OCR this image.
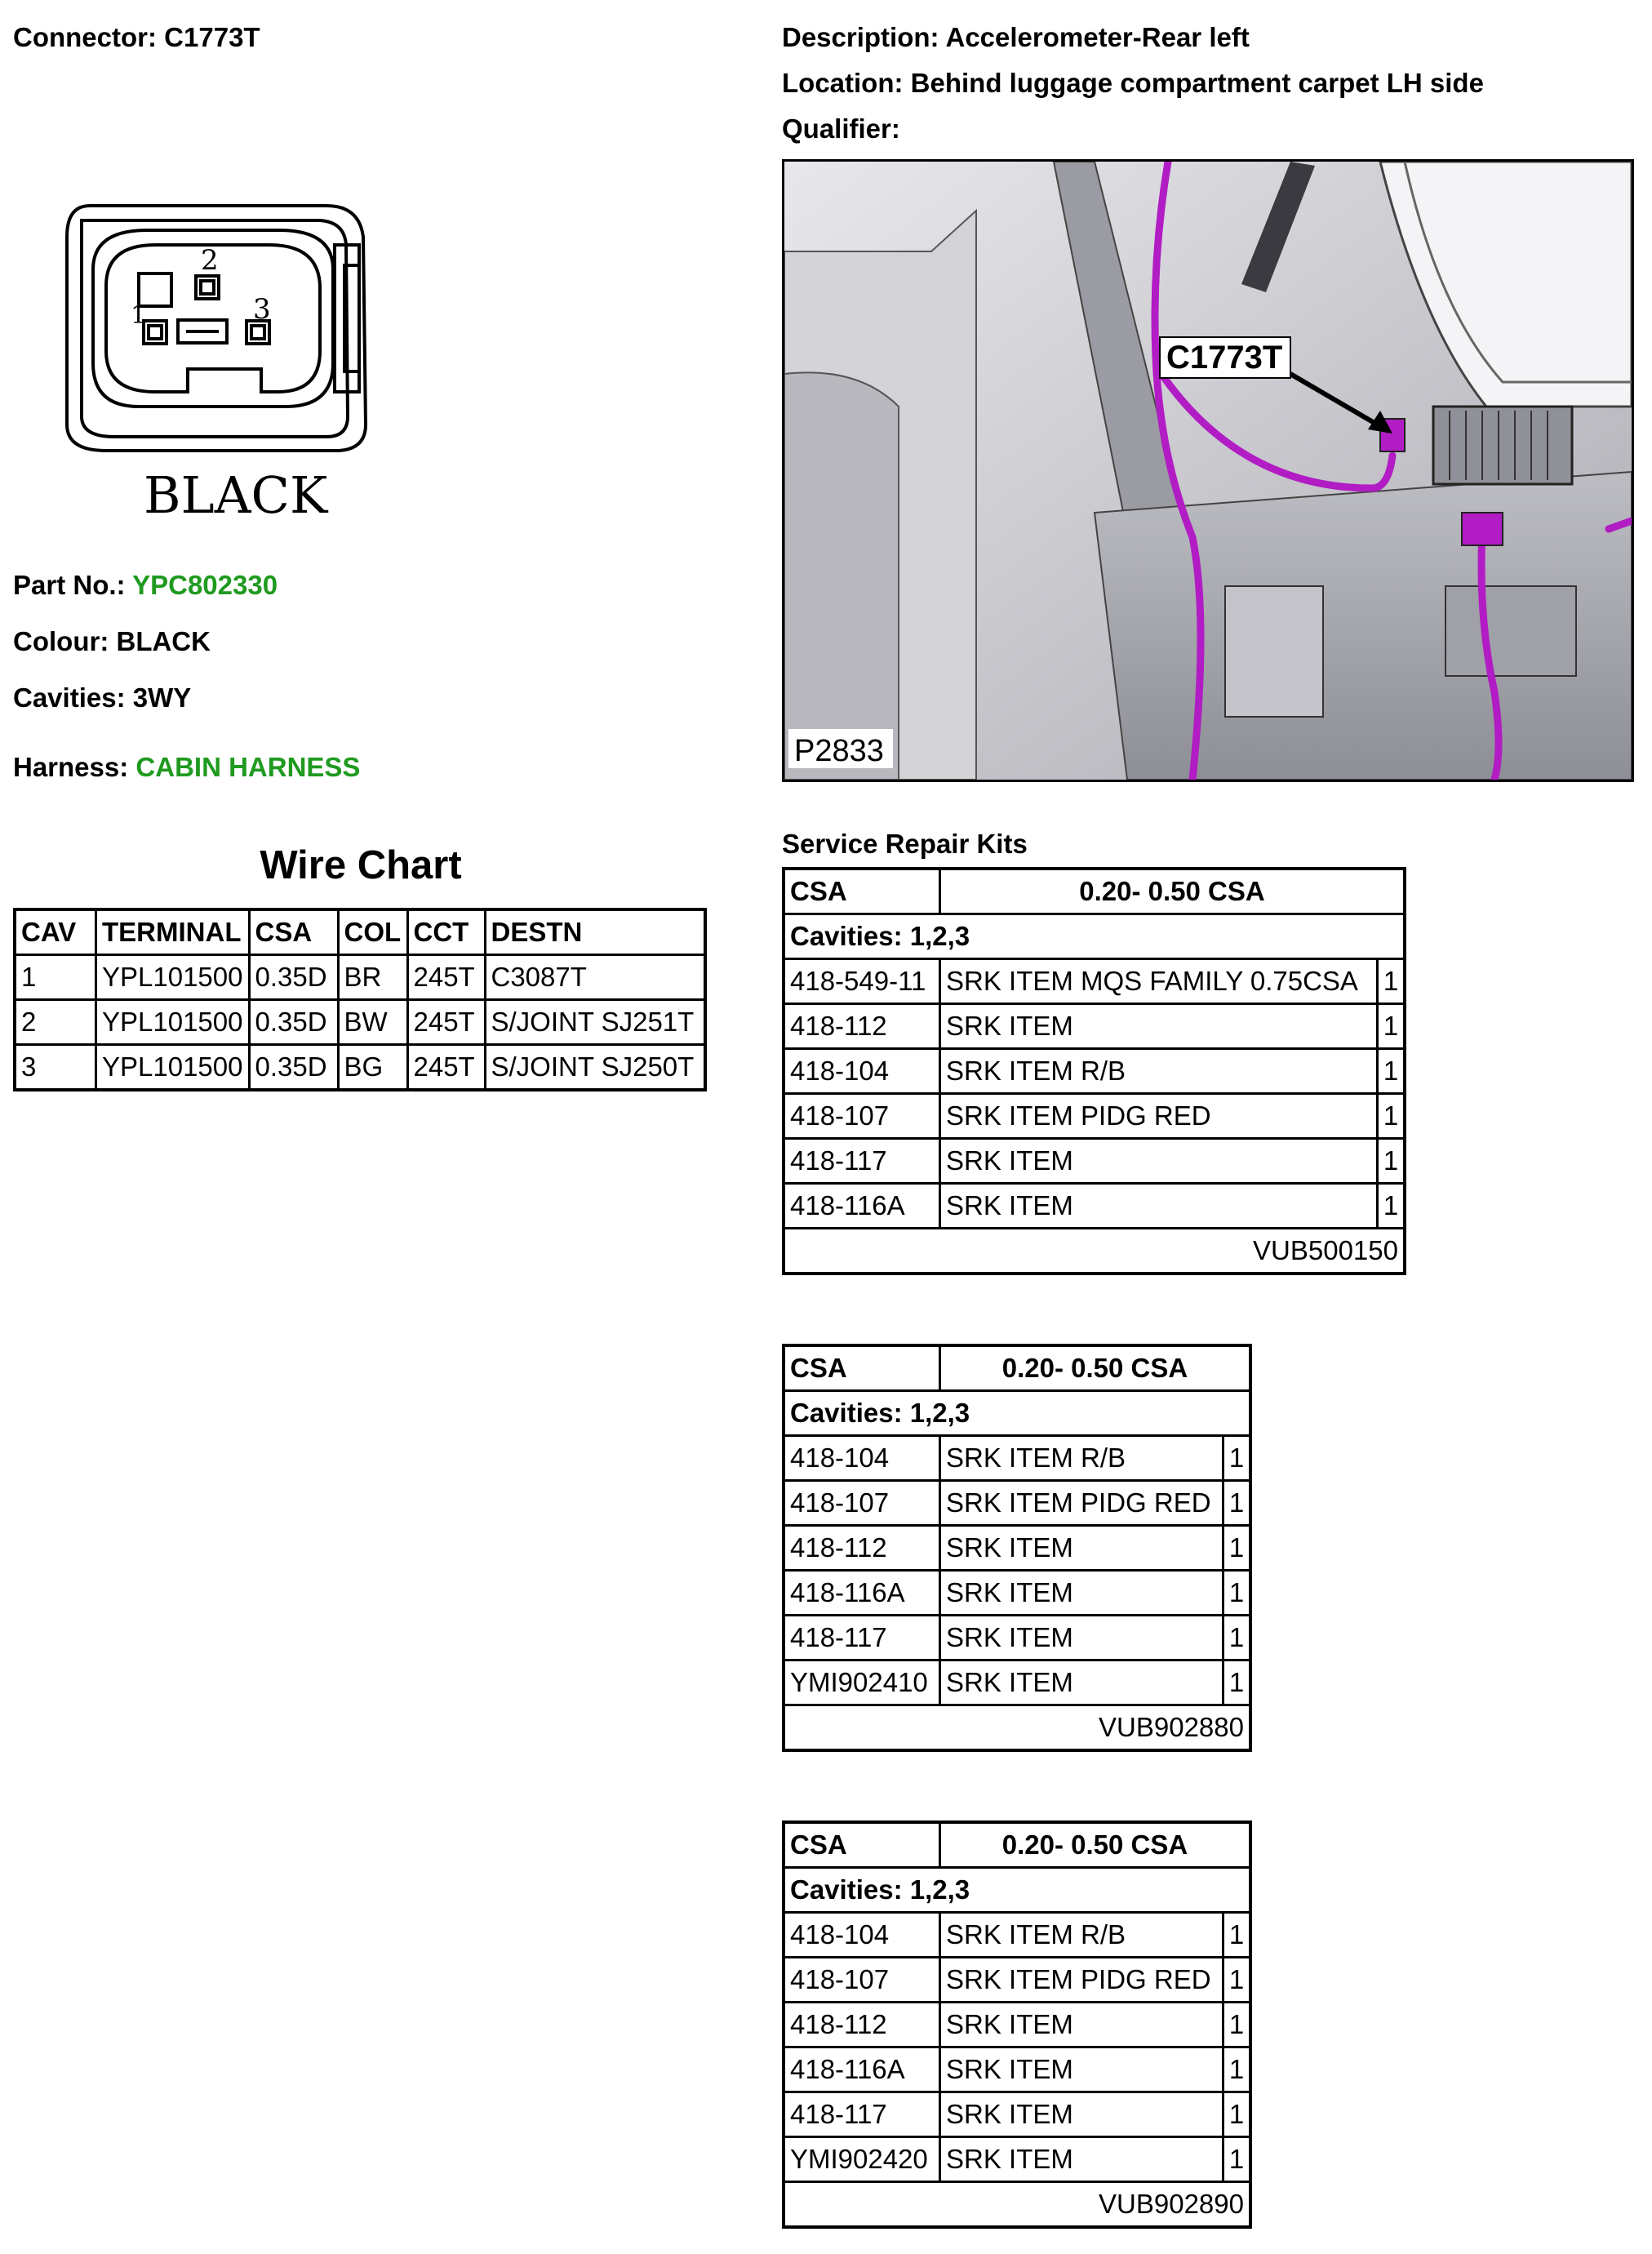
Connector: C1773T	Description: Accelerometer-Rear left
Location: Behind luggage compartment carpet LH side
Qualifier:
2
1	3
BLACK
Part No.: YPC802330
Colour: BLACK
Cavities: 3WY
Harness: CABIN HARNESS
C1773T
P2833
Wire Chart
CAV	TERMINAL	CSA	COL	CCT	DESTN
1	YPL101500	0.35D	BR	245T	C3087T
2	YPL101500	0.35D	BW	245T	S/JOINT SJ251T
3	YPL101500	0.35D	BG	245T	S/JOINT SJ250T
Service Repair Kits
CSA	0.20- 0.50 CSA	
Cavities: 1,2,3		
418-549-11	SRK ITEM MQS FAMILY 0.75CSA	1
418-112	SRK ITEM	1
418-104	SRK ITEM R/B	1
418-107	SRK ITEM PIDG RED	1
418-117	SRK ITEM	1
418-116A	SRK ITEM	1
VUB500150		
CSA	0.20- 0.50 CSA	
Cavities: 1,2,3		
418-104	SRK ITEM R/B	1
418-107	SRK ITEM PIDG RED	1
418-112	SRK ITEM	1
418-116A	SRK ITEM	1
418-117	SRK ITEM	1
YMI902410	SRK ITEM	1
VUB902880		
CSA	0.20- 0.50 CSA	
Cavities: 1,2,3		
418-104	SRK ITEM R/B	1
418-107	SRK ITEM PIDG RED	1
418-112	SRK ITEM	1
418-116A	SRK ITEM	1
418-117	SRK ITEM	1
YMI902420	SRK ITEM	1
VUB902890		
